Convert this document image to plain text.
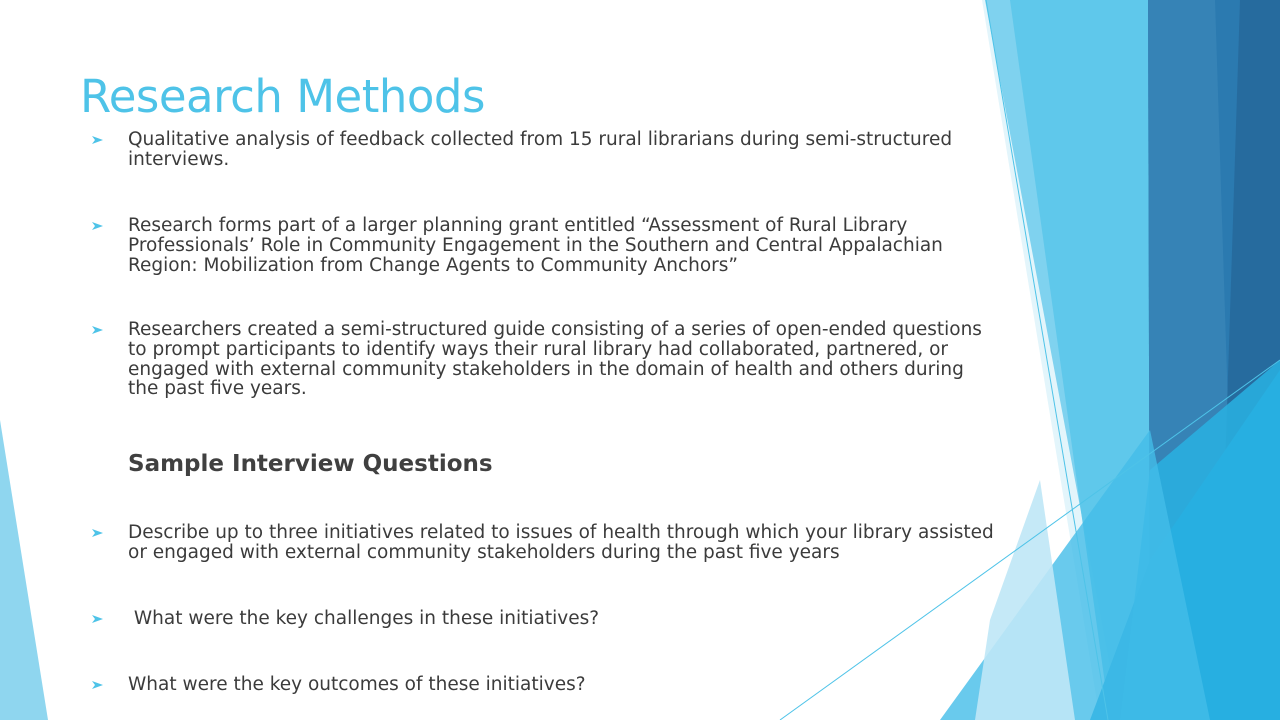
Research Methods
Qualitative analysis of feedback collected from 15 rural librarians during semi-structured interviews.
Research forms part of a larger planning grant entitled “Assessment of Rural Library Professionals’ Role in Community Engagement in the Southern and Central Appalachian Region: Mobilization from Change Agents to Community Anchors”
Researchers created a semi-structured guide consisting of a series of open-ended questions to prompt participants to identify ways their rural library had collaborated, partnered, or engaged with external community stakeholders in the domain of health and others during the past five years.
Sample Interview Questions
Describe up to three initiatives related to issues of health through which your library assisted or engaged with external community stakeholders during the past five years
What were the key challenges in these initiatives?
What were the key outcomes of these initiatives?
